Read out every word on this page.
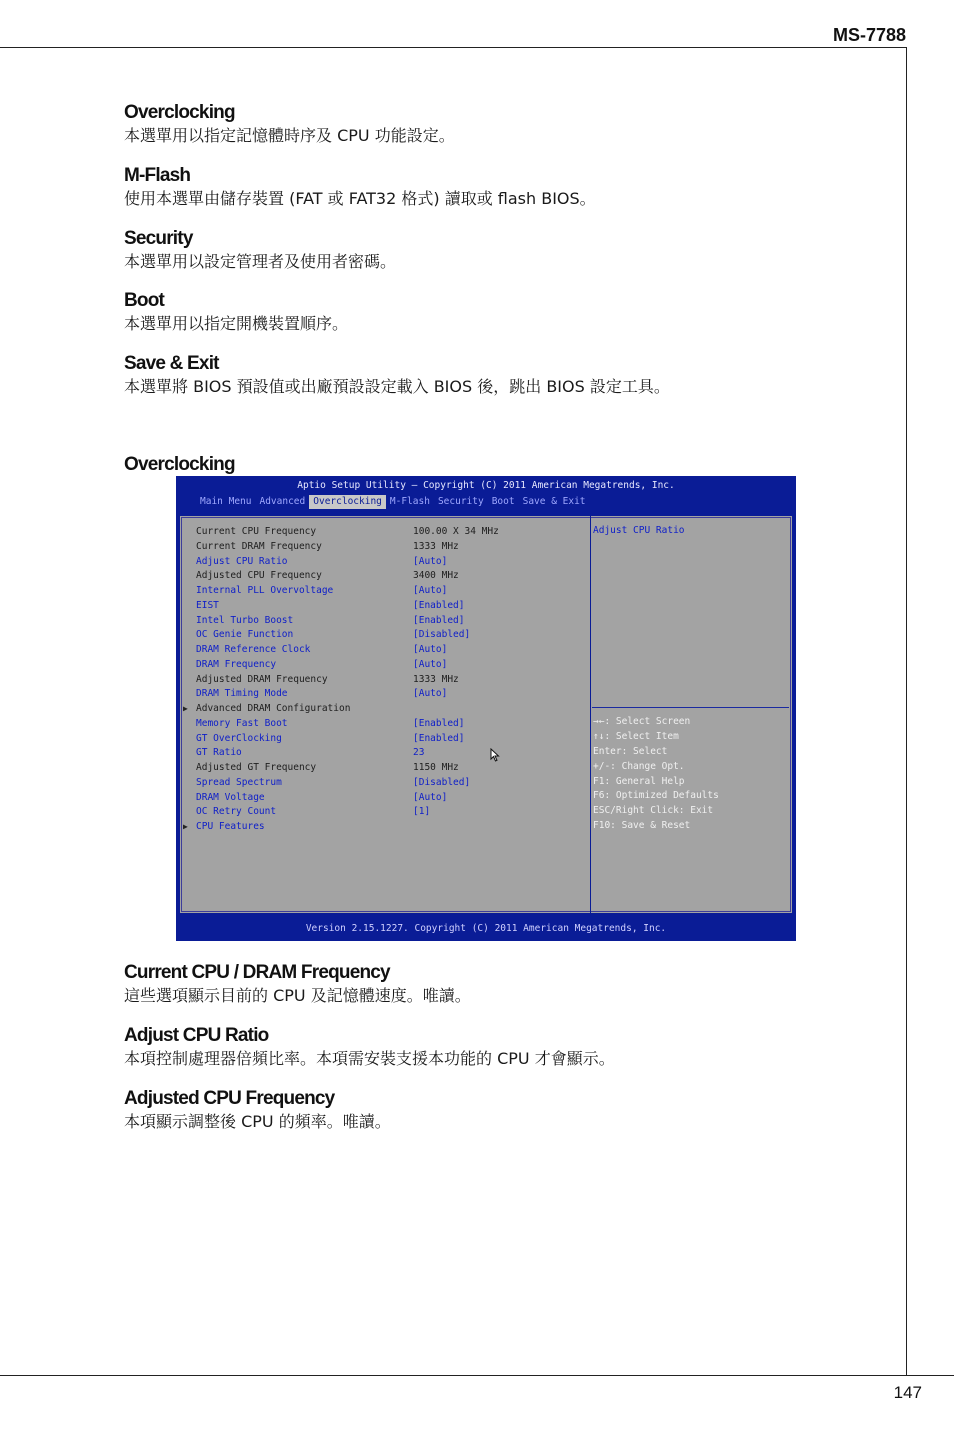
MS-7788
Overclocking

本選單用以指定記憶體時序及 CPU 功能設定。

M-Flash

使用本選單由儲存裝置 (FAT 或 FAT32 格式) 讀取或 flash BIOS。

Security

本選單用以設定管理者及使用者密碼。

Boot

本選單用以指定開機裝置順序。

Save & Exit

本選單將 BIOS 預設值或出廠預設設定載入 BIOS 後，跳出 BIOS 設定工具。

Overclocking
Aptio Setup Utility – Copyright (C) 2011 American Megatrends, Inc.
Main Menu Advanced Overclocking M-Flash Security Boot Save & Exit
Current CPU Frequency	100.00 X 34 MHz
Current DRAM Frequency	1333 MHz
Adjust CPU Ratio	[Auto]
Adjusted CPU Frequency	3400 MHz
Internal PLL Overvoltage	[Auto]
EIST	[Enabled]
Intel Turbo Boost	[Enabled]
OC Genie Function	[Disabled]
DRAM Reference Clock	[Auto]
DRAM Frequency	[Auto]
Adjusted DRAM Frequency	1333 MHz
DRAM Timing Mode	[Auto]
▶ Advanced DRAM Configuration
Memory Fast Boot	[Enabled]
GT OverClocking	[Enabled]
GT Ratio	23
Adjusted GT Frequency	1150 MHz
Spread Spectrum	[Disabled]
DRAM Voltage	[Auto]
OC Retry Count	[1]
▶ CPU Features
Adjust CPU Ratio
→←: Select Screen
↑↓: Select Item
Enter: Select
+/-: Change Opt.
F1: General Help
F6: Optimized Defaults
ESC/Right Click: Exit
F10: Save & Reset
Version 2.15.1227. Copyright (C) 2011 American Megatrends, Inc.
Current CPU / DRAM Frequency

這些選項顯示目前的 CPU 及記憶體速度。唯讀。

Adjust CPU Ratio

本項控制處理器倍頻比率。本項需安裝支援本功能的 CPU 才會顯示。

Adjusted CPU Frequency

本項顯示調整後 CPU 的頻率。唯讀。

147
